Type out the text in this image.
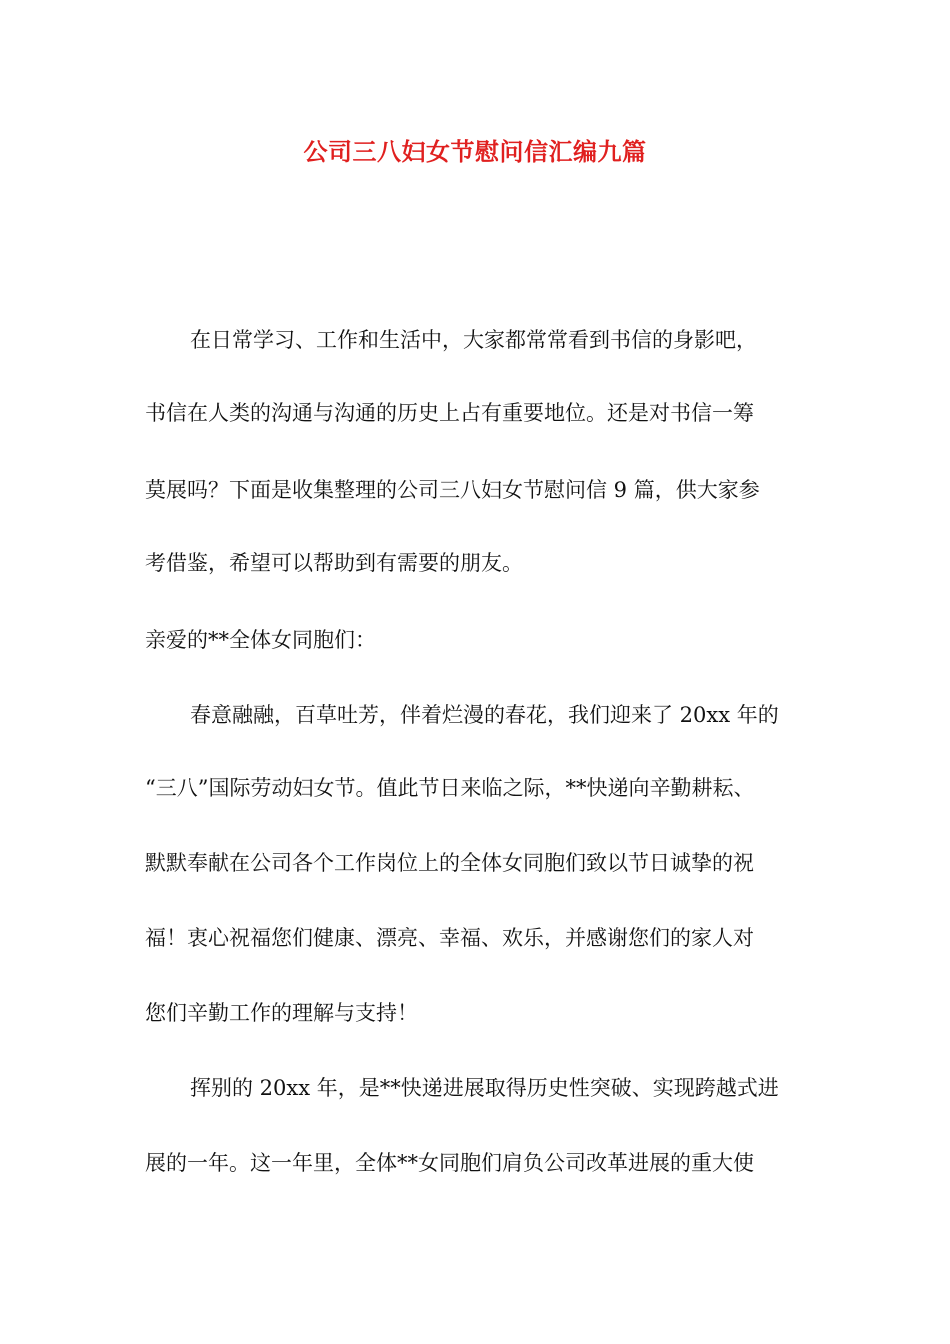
公司三八妇女节慰问信汇编九篇

在日常学习、工作和生活中，大家都常常看到书信的身影吧，

书信在人类的沟通与沟通的历史上占有重要地位。还是对书信一筹

莫展吗？下面是收集整理的公司三八妇女节慰问信 9 篇，供大家参

考借鉴，希望可以帮助到有需要的朋友。

亲爱的**全体女同胞们：

春意融融，百草吐芳，伴着烂漫的春花，我们迎来了 20xx 年的

“三八”国际劳动妇女节。值此节日来临之际，**快递向辛勤耕耘、

默默奉献在公司各个工作岗位上的全体女同胞们致以节日诚挚的祝

福！衷心祝福您们健康、漂亮、幸福、欢乐，并感谢您们的家人对

您们辛勤工作的理解与支持！

挥别的 20xx 年，是**快递进展取得历史性突破、实现跨越式进

展的一年。这一年里，全体**女同胞们肩负公司改革进展的重大使
